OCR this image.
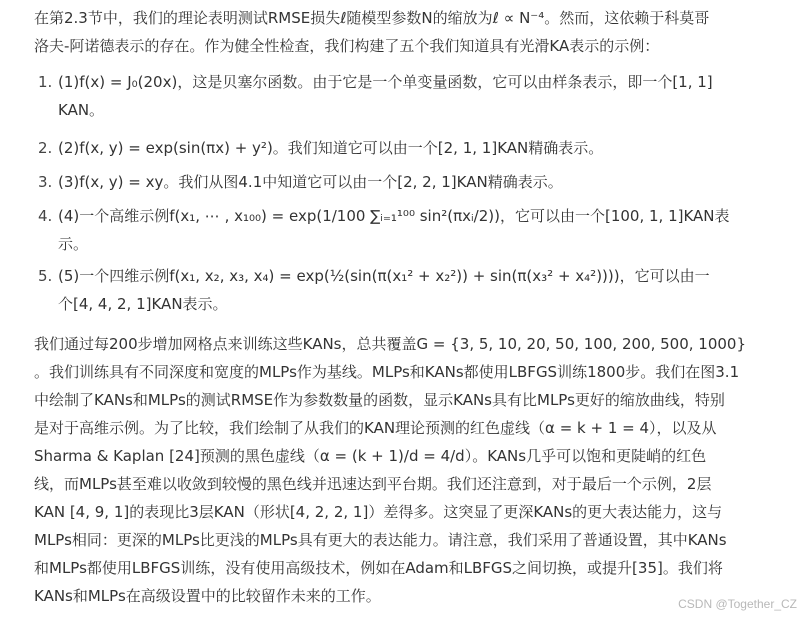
在第2.3节中，我们的理论表明测试RMSE损失ℓ随模型参数N的缩放为ℓ ∝ N⁻⁴。然而，这依赖于科莫哥
洛夫-阿诺德表示的存在。作为健全性检查，我们构建了五个我们知道具有光滑KA表示的示例：
1. (1)f(x) = J₀(20x)，这是贝塞尔函数。由于它是一个单变量函数，它可以由样条表示，即一个[1, 1]
KAN。
2. (2)f(x, y) = exp(sin(πx) + y²)。我们知道它可以由一个[2, 1, 1]KAN精确表示。
3. (3)f(x, y) = xy。我们从图4.1中知道它可以由一个[2, 2, 1]KAN精确表示。
4. (4)一个高维示例f(x₁, ⋯ , x₁₀₀) = exp(1/100 ∑ᵢ₌₁¹⁰⁰ sin²(πxᵢ/2))，它可以由一个[100, 1, 1]KAN表
示。
5. (5)一个四维示例f(x₁, x₂, x₃, x₄) = exp(½(sin(π(x₁² + x₂²)) + sin(π(x₃² + x₄²))))，它可以由一
个[4, 4, 2, 1]KAN表示。
我们通过每200步增加网格点来训练这些KANs，总共覆盖G = {3, 5, 10, 20, 50, 100, 200, 500, 1000}
。我们训练具有不同深度和宽度的MLPs作为基线。MLPs和KANs都使用LBFGS训练1800步。我们在图3.1
中绘制了KANs和MLPs的测试RMSE作为参数数量的函数，显示KANs具有比MLPs更好的缩放曲线，特别
是对于高维示例。为了比较，我们绘制了从我们的KAN理论预测的红色虚线（α = k + 1 = 4），以及从
Sharma & Kaplan [24]预测的黑色虚线（α = (k + 1)/d = 4/d）。KANs几乎可以饱和更陡峭的红色
线，而MLPs甚至难以收敛到较慢的黑色线并迅速达到平台期。我们还注意到，对于最后一个示例，2层
KAN [4, 9, 1]的表现比3层KAN（形状[4, 2, 2, 1]）差得多。这突显了更深KANs的更大表达能力，这与
MLPs相同：更深的MLPs比更浅的MLPs具有更大的表达能力。请注意，我们采用了普通设置，其中KANs
和MLPs都使用LBFGS训练，没有使用高级技术，例如在Adam和LBFGS之间切换，或提升[35]。我们将
KANs和MLPs在高级设置中的比较留作未来的工作。	CSDN @Together_CZ
